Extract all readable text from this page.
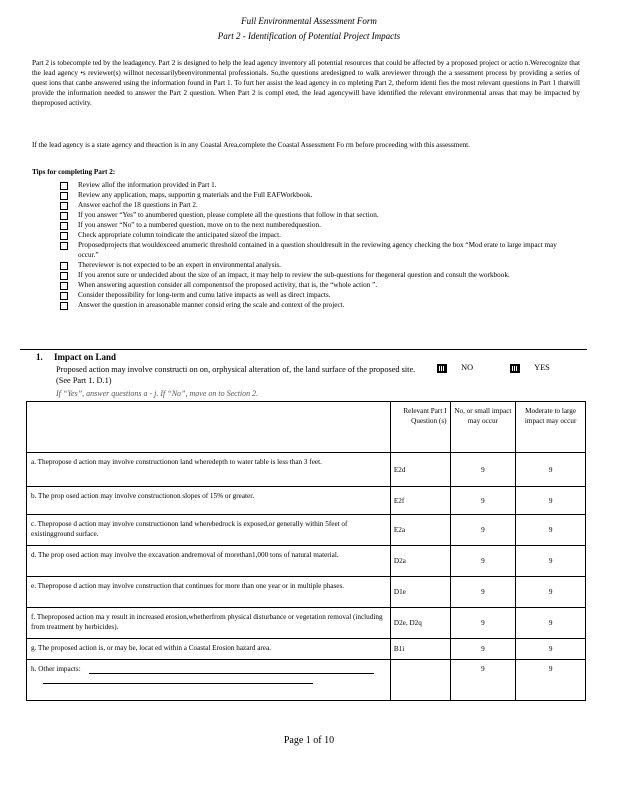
Full Environmental Assessment Form
Part 2 - Identification of Potential Project Impacts
Part 2 is tobecomple ted by the leadagency. Part 2 is designed to help the lead agency inventory all potential resources that could be affected by a proposed project or actio n.Werecognize that the lead agency •s reviewer(s) willnot necessarilybeenvironmental professionals. So,the questions aredesigned to walk areviewer through the a ssessment process by providing a series of quest ions that canbe answered using the information found in Part 1. To furt her assist the lead agency in co mpleting Part 2, theform identi fies the most relevant questions in Part 1 thatwill provide the information needed to answer the Part 2 question. When Part 2 is compl eted, the lead agencywill have identified the relevant environmental areas that may be impacted by theproposed activity.
If the lead agency is a state agency and theaction is in any Coastal Area,complete the Coastal Assessment Fo rm before proceeding with this assessment.
Tips for completing Part 2:
Review allof the information provided in Part 1.
Review any application, maps, supportin g materials and the Full EAFWorkbook.
Answer eachof the 18 questions in Part 2.
If you answer “Yes” to anumbered question, please complete all the questions that follow in that section.
If you answer “No” to a numbered question, move on to the next numberedquestion.
Check appropriate column toindicate the anticipated sizeof the impact.
Proposedprojects that wouldexceed anumeric threshold contained in a question shouldresult in the reviewing agency checking the box “Mod erate to large impact may occur.”
Thereviewer is not expected to be an expert in environmental analysis.
If you arenot sure or undecided about the size of an impact, it may help to review the sub-questions for thegeneral question and consult the workbook.
When answering aquestion consider all componentsof the proposed activity, that is, the “whole action ”.
Consider thepossibility for long-term and cumu lative impacts as well as direct impacts.
Answer the question in areasonable manner consid ering the scale and context of the project.
1. Impact on Land
Proposed action may involve constructi on on, orphysical alteration of, the land surface of the proposed site. (See Part 1. D.1)
If “Yes”, answer questions a - j. If “No”, move on to Section 2.
NO	YES
	Relevant Part I Question (s)	No, or small impact may occur	Moderate to large impact may occur
a. Thepropose d action may involve constructionon land wheredepth to water table is less than 3 feet.	E2d	9	9
b. The prop osed action may involve constructionon slopes of 15% or greater.	E2f	9	9
c. Thepropose d action may involve constructionon land wherebedrock is exposed,or generally within 5feet of existingground surface.	E2a	9	9
d. The prop osed action may involve the excavation andremoval of morethan1,000 tons of natural material.	D2a	9	9
e. Thepropose d action may involve construction that continues for more than one year or in multiple phases.	D1e	9	9
f. Theproposed action ma y result in increased erosion,whetherfrom physical disturbance or vegetation removal (including from treatment by herbicides).	D2e, D2q	9	9
g. The proposed action is, or may be, locat ed within a Coastal Erosion hazard area.	B1i	9	9
h. Other impacts:		9	9
Page 1 of 10
